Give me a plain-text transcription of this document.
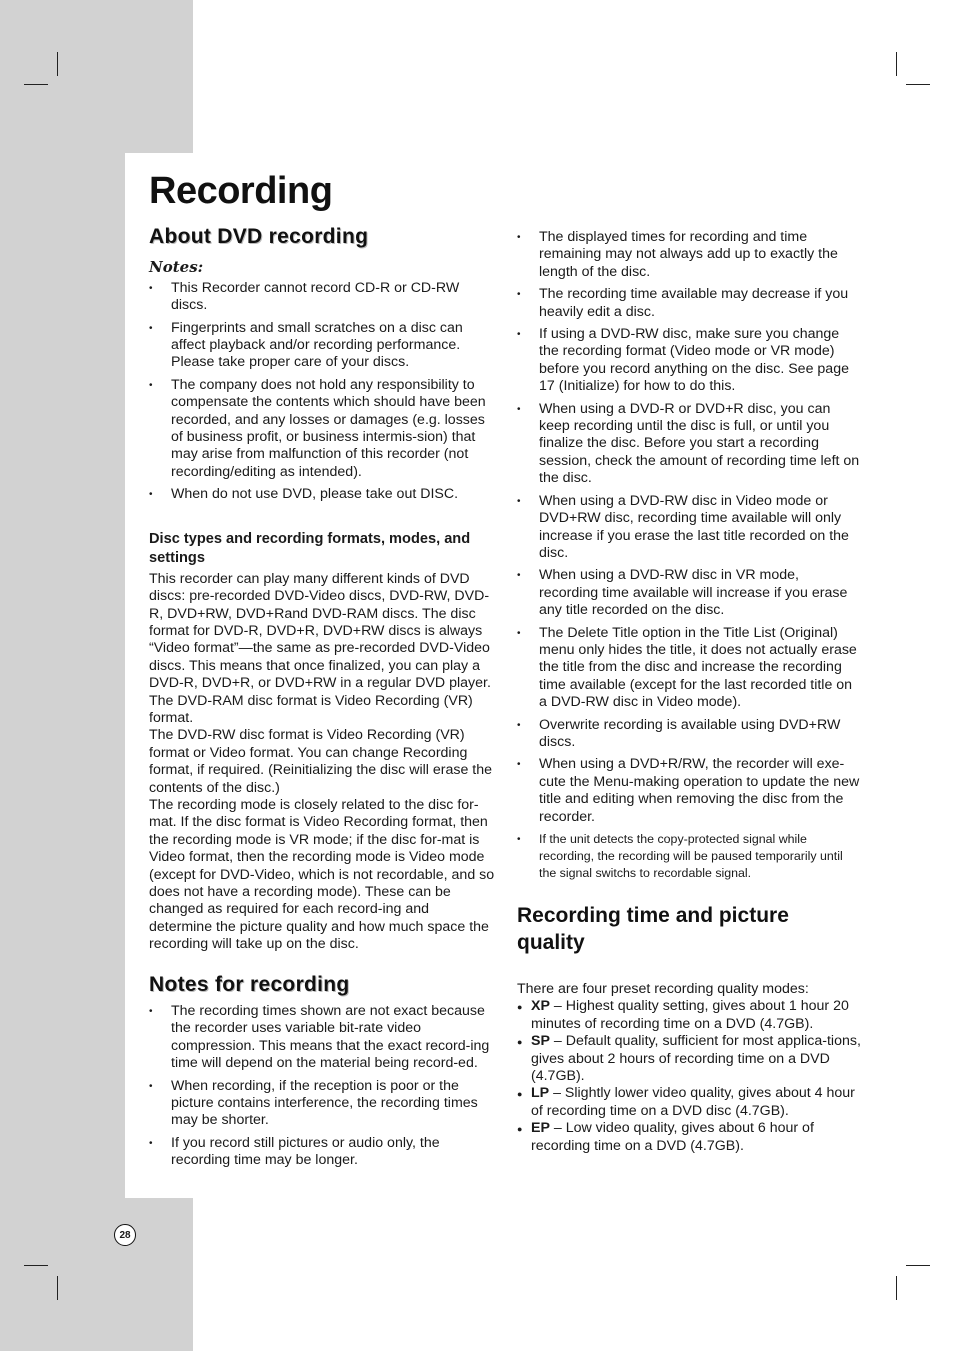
Recording
About DVD recording
Notes:
• This Recorder cannot record CD-R or CD-RW discs.
• Fingerprints and small scratches on a disc can affect playback and/or recording performance. Please take proper care of your discs.
• The company does not hold any responsibility to compensate the contents which should have been recorded, and any losses or damages (e.g. losses of business profit, or business intermis-sion) that may arise from malfunction of this recorder (not recording/editing as intended).
• When do not use DVD, please take out DISC.
Disc types and recording formats, modes, and settings
This recorder can play many different kinds of DVD discs: pre-recorded DVD-Video discs, DVD-RW, DVD-R, DVD+RW, DVD+Rand DVD-RAM discs. The disc format for DVD-R, DVD+R, DVD+RW discs is always “Video format”—the same as pre-recorded DVD-Video discs. This means that once finalized, you can play a DVD-R, DVD+R, or DVD+RW in a regular DVD player. The DVD-RAM disc format is Video Recording (VR) format.
The DVD-RW disc format is Video Recording (VR) format or Video format. You can change Recording format, if required. (Reinitializing the disc will erase the contents of the disc.)
The recording mode is closely related to the disc for-mat. If the disc format is Video Recording format, then the recording mode is VR mode; if the disc for-mat is Video format, then the recording mode is Video mode (except for DVD-Video, which is not recordable, and so does not have a recording mode). These can be changed as required for each record-ing and determine the picture quality and how much space the recording will take up on the disc.
Notes for recording
• The recording times shown are not exact because the recorder uses variable bit-rate video compression. This means that the exact record-ing time will depend on the material being record-ed.
• When recording, if the reception is poor or the picture contains interference, the recording times may be shorter.
• If you record still pictures or audio only, the recording time may be longer.
• The displayed times for recording and time remaining may not always add up to exactly the length of the disc.
• The recording time available may decrease if you heavily edit a disc.
• If using a DVD-RW disc, make sure you change the recording format (Video mode or VR mode) before you record anything on the disc. See page 17 (Initialize) for how to do this.
• When using a DVD-R or DVD+R disc, you can keep recording until the disc is full, or until you finalize the disc. Before you start a recording session, check the amount of recording time left on the disc.
• When using a DVD-RW disc in Video mode or DVD+RW disc, recording time available will only increase if you erase the last title recorded on the disc.
• When using a DVD-RW disc in VR mode, recording time available will increase if you erase any title recorded on the disc.
• The Delete Title option in the Title List (Original) menu only hides the title, it does not actually erase the title from the disc and increase the recording time available (except for the last recorded title on a DVD-RW disc in Video mode).
• Overwrite recording is available using DVD+RW discs.
• When using a DVD+R/RW, the recorder will exe-cute the Menu-making operation to update the new title and editing when removing the disc from the recorder.
• If the unit detects the copy-protected signal while recording, the recording will be paused temporarily until the signal switchs to recordable signal.
Recording time and picture quality
There are four preset recording quality modes:
● XP – Highest quality setting, gives about 1 hour 20 minutes of recording time on a DVD (4.7GB).
● SP – Default quality, sufficient for most applica-tions, gives about 2 hours of recording time on a DVD (4.7GB).
● LP – Slightly lower video quality, gives about 4 hour of recording time on a DVD disc (4.7GB).
● EP – Low video quality, gives about 6 hour of recording time on a DVD (4.7GB).
28
